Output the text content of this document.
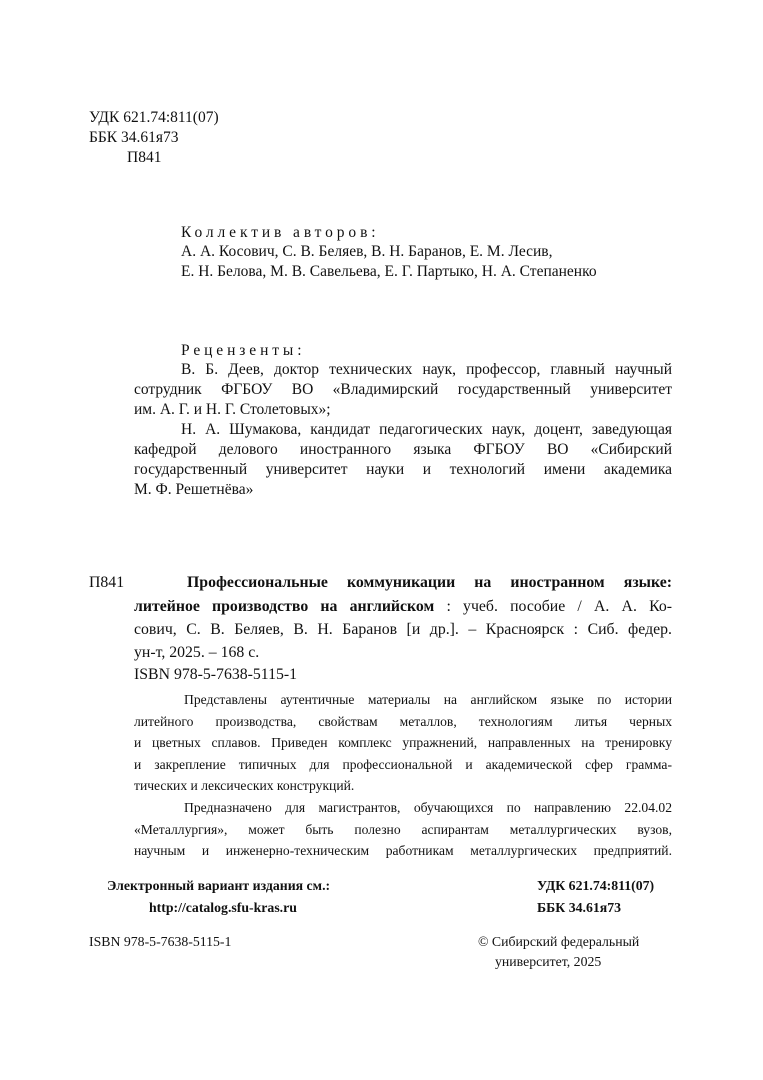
УДК 621.74:811(07)
ББК 34.61я73
П841
Коллектив авторов:
А. А. Косович, С. В. Беляев, В. Н. Баранов, Е. М. Лесив,
Е. Н. Белова, М. В. Савельева, Е. Г. Партыко, Н. А. Степаненко
Рецензенты:
В. Б. Деев, доктор технических наук, профессор, главный научный
сотрудник ФГБОУ ВО «Владимирский государственный университет
им. А. Г. и Н. Г. Столетовых»;
Н. А. Шумакова, кандидат педагогических наук, доцент, заведующая
кафедрой делового иностранного языка ФГБОУ ВО «Сибирский
государственный университет науки и технологий имени академика
М. Ф. Решетнёва»
П841	Профессиональные коммуникации на иностранном языке:
литейное производство на английском : учеб. пособие / А. А. Ко-
сович, С. В. Беляев, В. Н. Баранов [и др.]. – Красноярск : Сиб. федер.
ун-т, 2025. – 168 с.
ISBN 978-5-7638-5115-1
Представлены аутентичные материалы на английском языке по истории
литейного производства, свойствам металлов, технологиям литья черных
и цветных сплавов. Приведен комплекс упражнений, направленных на тренировку
и закрепление типичных для профессиональной и академической сфер грамма-
тических и лексических конструкций.
Предназначено для магистрантов, обучающихся по направлению 22.04.02
«Металлургия», может быть полезно аспирантам металлургических вузов,
научным и инженерно-техническим работникам металлургических предприятий.
Электронный вариант издания см.:
http://catalog.sfu-kras.ru
УДК 621.74:811(07)
ББК 34.61я73
ISBN 978-5-7638-5115-1	© Сибирский федеральный
университет, 2025
